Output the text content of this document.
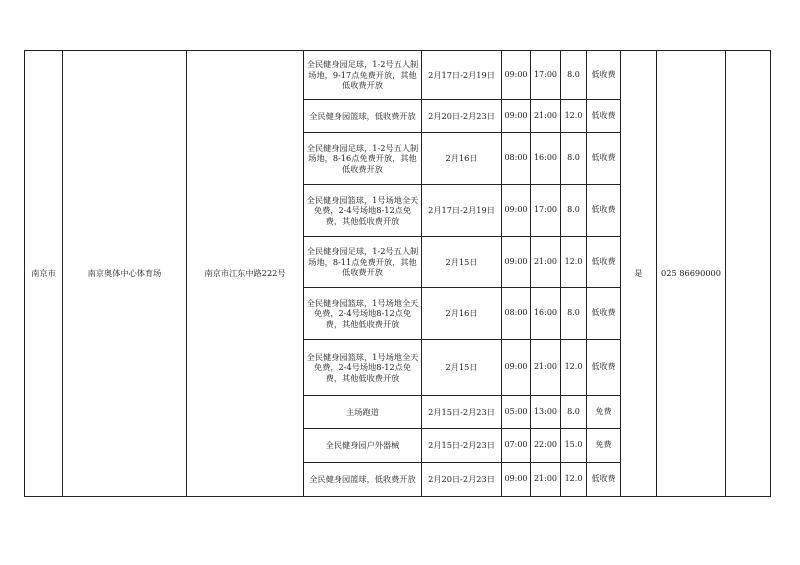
南京市	南京奥体中心体育场	南京市江东中路222号	全民健身园足球，1-2号五人制场地，9-17点免费开放，其他低收费开放	2月17日-2月19日	09:00	17:00	8.0	低收费	是	025 86690000	
			全民健身园篮球，低收费开放	2月20日-2月23日	09:00	21:00	12.0	低收费			
			全民健身园足球，1-2号五人制场地，8-16点免费开放，其他低收费开放	2月16日	08:00	16:00	8.0	低收费			
			全民健身园篮球，1号场地全天免费，2-4号场地8-12点免费，其他低收费开放	2月17日-2月19日	09:00	17:00	8.0	低收费			
			全民健身园足球，1-2号五人制场地，8-11点免费开放，其他低收费开放	2月15日	09:00	21:00	12.0	低收费			
			全民健身园篮球，1号场地全天免费，2-4号场地8-12点免费，其他低收费开放	2月16日	08:00	16:00	8.0	低收费			
			全民健身园篮球，1号场地全天免费，2-4号场地8-12点免费，其他低收费开放	2月15日	09:00	21:00	12.0	低收费			
			主场跑道	2月15日-2月23日	05:00	13:00	8.0	免费			
			全民健身园户外器械	2月15日-2月23日	07:00	22:00	15.0	免费			
			全民健身园篮球，低收费开放	2月20日-2月23日	09:00	21:00	12.0	低收费			
